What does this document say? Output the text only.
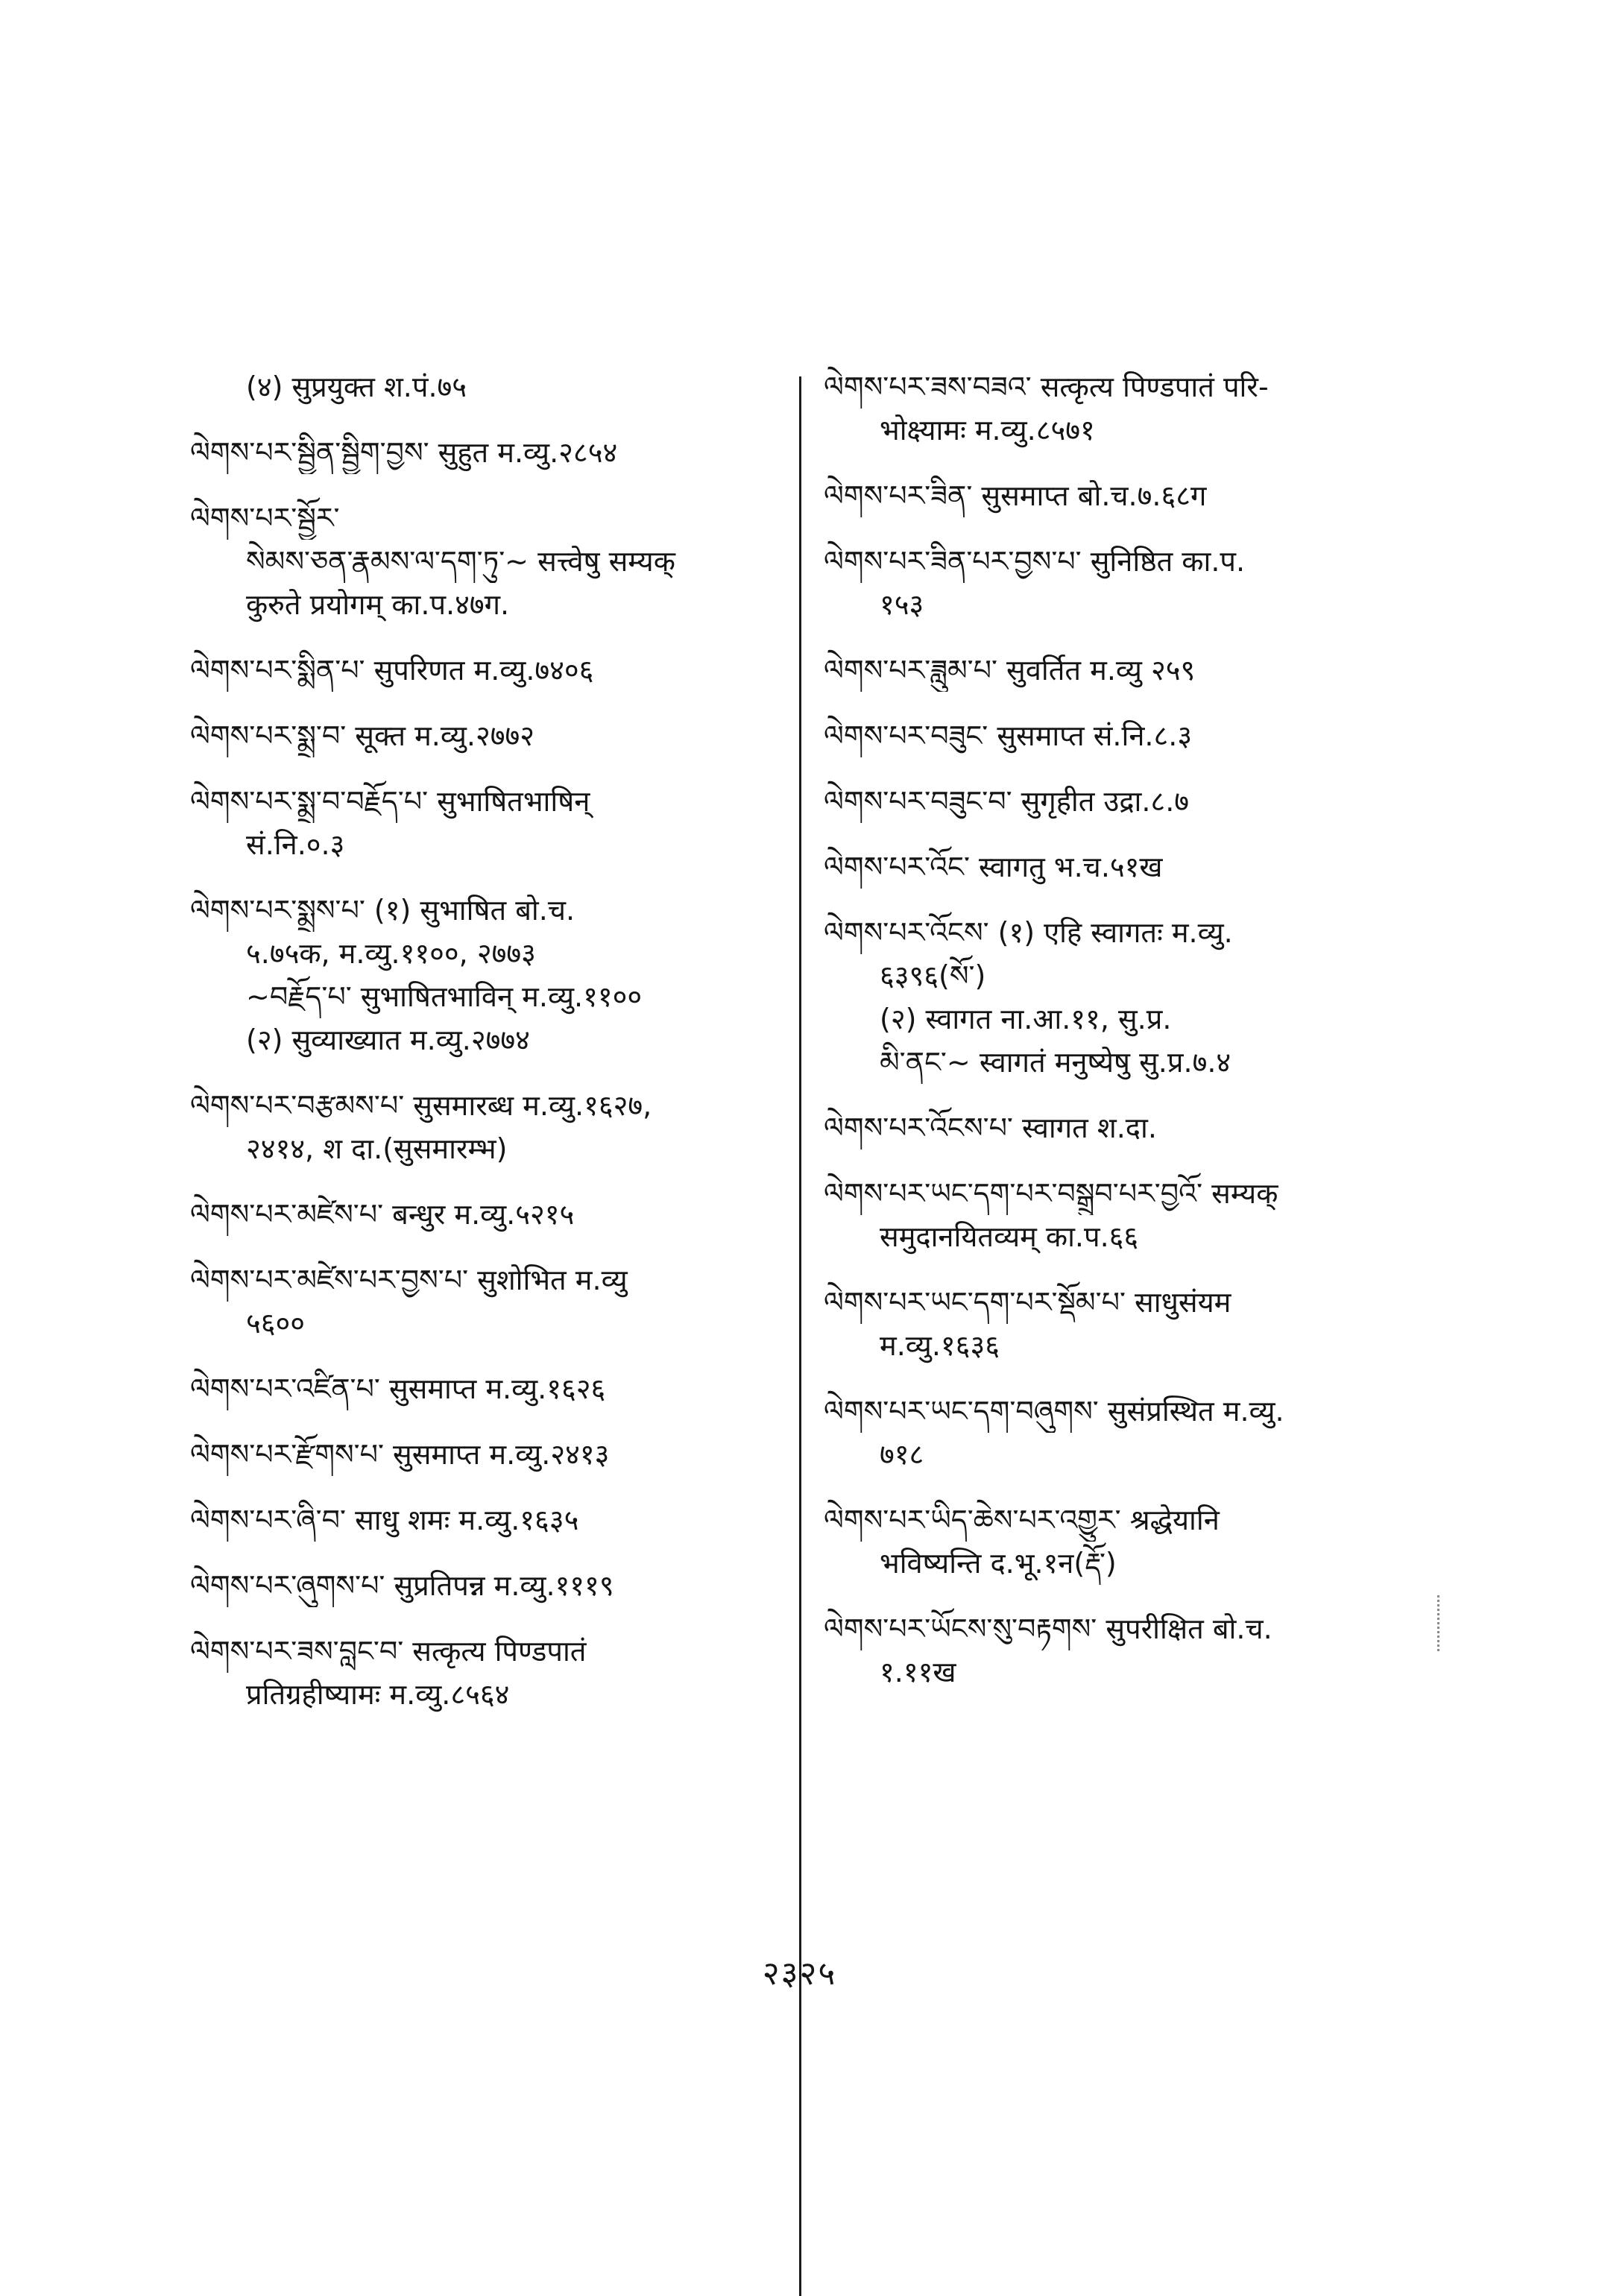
(४) सुप्रयुक्त श.पं.७५
ལེགས་པར་སྦྱིན་སྦྱིག་བྱས་ सुहुत म.व्यु.२८५४
ལེགས་པར་སྦྱོར་
སེམས་ཅན་རྣམས་ལ་དག་ཏུ་~ सत्त्वेषु सम्यक्
कुरुते प्रयोगम् का.प.४७ग.
ལེགས་པར་སྨིན་པ་ सुपरिणत म.व्यु.७४०६
ལེགས་པར་སྨྲ་བ་ सूक्त म.व्यु.२७७२
ལེགས་པར་སྨྲ་བ་བརྗོད་པ་ सुभाषितभाषिन्
सं.नि.०.३
ལེགས་པར་སྨྲས་པ་ (१) सुभाषित बो.च.
५.७५क, म.व्यु.११००, २७७३
~བརྗོད་པ་ सुभाषितभाविन् म.व्यु.११००
(२) सुव्याख्यात म.व्यु.२७७४
ལེགས་པར་བརྩམས་པ་ सुसमारब्ध म.व्यु.१६२७,
२४१४, श दा.(सुसमारम्भ)
ལེགས་པར་མཛེས་པ་ बन्धुर म.व्यु.५२१५
ལེགས་པར་མཛེས་པར་བྱས་པ་ सुशोभित म.व्यु
५६००
ལེགས་པར་འཛིན་པ་ सुसमाप्त म.व्यु.१६२६
ལེགས་པར་རྫོགས་པ་ सुसमाप्त म.व्यु.२४१३
ལེགས་པར་ཞི་བ་ साधु शमः म.व्यु.१६३५
ལེགས་པར་ཞུགས་པ་ सुप्रतिपन्न म.व्यु.१११९
ལེགས་པར་ཟས་བླང་བ་ सत्कृत्य पिण्डपातं
प्रतिग्रहीष्यामः म.व्यु.८५६४
ལེགས་པར་ཟས་བཟའ་ सत्कृत्य पिण्डपातं परि-
भोक्ष्यामः म.व्यु.८५७१
ལེགས་པར་ཟིན་ सुसमाप्त बो.च.७.६८ग
ལེགས་པར་ཟིན་པར་བྱས་པ་ सुनिष्ठित का.प.
१५३
ལེགས་པར་ཟླུམ་པ་ सुवर्तित म.व्यु २५९
ལེགས་པར་བཟུང་ सुसमाप्त सं.नि.८.३
ལེགས་པར་བཟུང་བ་ सुगृहीत उद्रा.८.७
ལེགས་པར་འོང་ स्वागतु भ.च.५१ख
ལེགས་པར་འོངས་ (१) एहि स्वागतः म.व्यु.
६३९६(སོ་)
(२) स्वागत ना.आ.११, सु.प्र.
མི་ནང་~ स्वागतं मनुष्येषु सु.प्र.७.४
ལེགས་པར་འོངས་པ་ स्वागत श.दा.
ལེགས་པར་ཡང་དག་པར་བསྒྲུབ་པར་བྱའོ་ सम्यक्
समुदानयितव्यम् का.प.६६
ལེགས་པར་ཡང་དག་པར་སྡོམ་པ་ साधुसंयम
म.व्यु.१६३६
ལེགས་པར་ཡང་དག་བཞུགས་ सुसंप्रस्थित म.व्यु.
७१८
ལེགས་པར་ཡིད་ཆེས་པར་འགྱུར་ श्रद्धेयानि
भविष्यन्ति द.भू.१न(རྡོ་)
ལེགས་པར་ཡོངས་སུ་བརྟགས་ सुपरीक्षित बो.च.
१.११ख
२३२५
